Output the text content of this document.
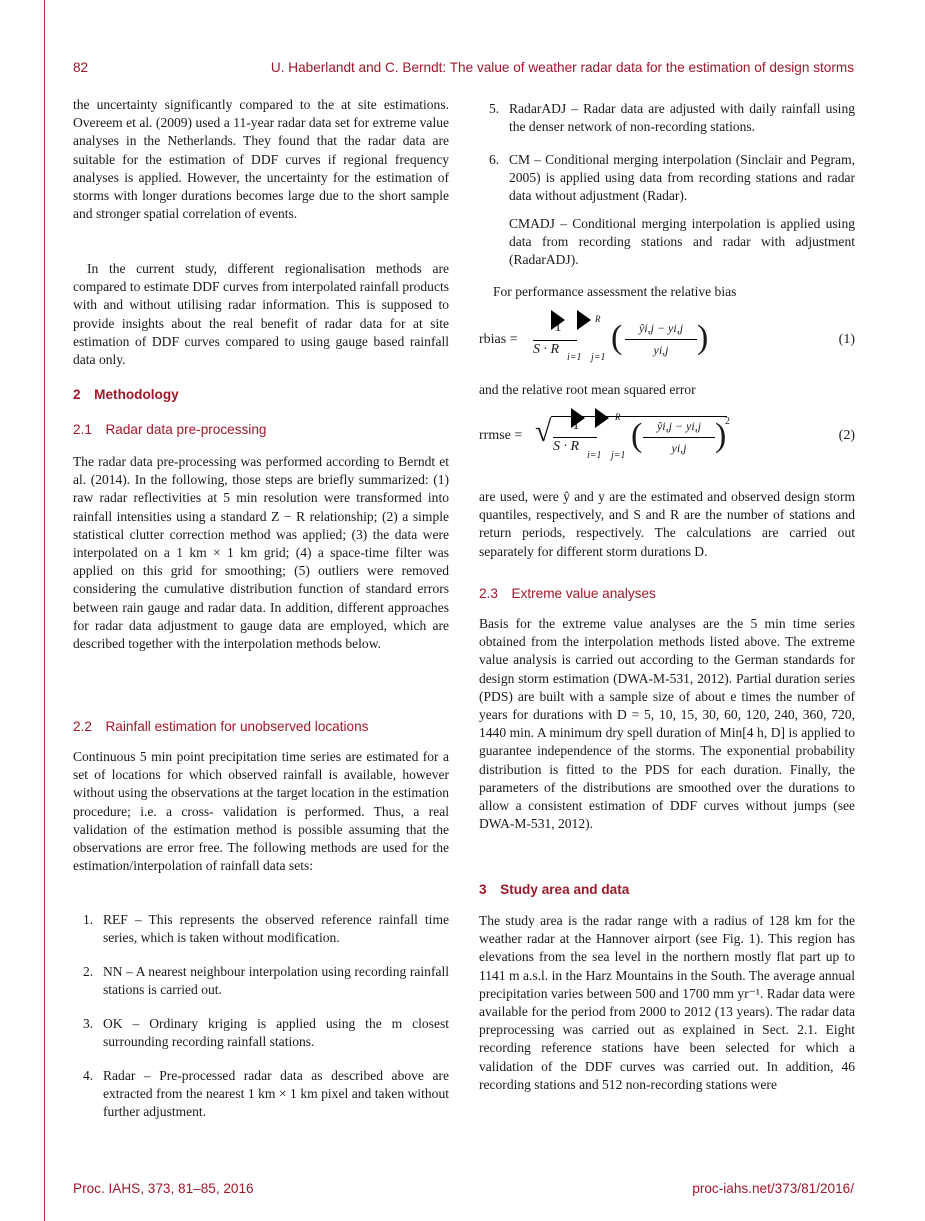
82	U. Haberlandt and C. Berndt: The value of weather radar data for the estimation of design storms
the uncertainty significantly compared to the at site estimations. Overeem et al. (2009) used a 11-year radar data set for extreme value analyses in the Netherlands. They found that the radar data are suitable for the estimation of DDF curves if regional frequency analyses is applied. However, the uncertainty for the estimation of storms with longer durations becomes large due to the short sample and stronger spatial correlation of events.
In the current study, different regionalisation methods are compared to estimate DDF curves from interpolated rainfall products with and without utilising radar information. This is supposed to provide insights about the real benefit of radar data for at site estimation of DDF curves compared to using gauge based rainfall data only.
2 Methodology
2.1 Radar data pre-processing
The radar data pre-processing was performed according to Berndt et al. (2014). In the following, those steps are briefly summarized: (1) raw radar reflectivities at 5 min resolution were transformed into rainfall intensities using a standard Z − R relationship; (2) a simple statistical clutter correction method was applied; (3) the data were interpolated on a 1 km × 1 km grid; (4) a space-time filter was applied on this grid for smoothing; (5) outliers were removed considering the cumulative distribution function of standard errors between rain gauge and radar data. In addition, different approaches for radar data adjustment to gauge data are employed, which are described together with the interpolation methods below.
2.2 Rainfall estimation for unobserved locations
Continuous 5 min point precipitation time series are estimated for a set of locations for which observed rainfall is available, however without using the observations at the target location in the estimation procedure; i.e. a cross- validation is performed. Thus, a real validation of the estimation method is possible assuming that the observations are error free. The following methods are used for the estimation/interpolation of rainfall data sets:
1. REF – This represents the observed reference rainfall time series, which is taken without modification.
2. NN – A nearest neighbour interpolation using recording rainfall stations is carried out.
3. OK – Ordinary kriging is applied using the m closest surrounding recording rainfall stations.
4. Radar – Pre-processed radar data as described above are extracted from the nearest 1 km × 1 km pixel and taken without further adjustment.
5. RadarADJ – Radar data are adjusted with daily rainfall using the denser network of non-recording stations.
6. CM – Conditional merging interpolation (Sinclair and Pegram, 2005) is applied using data from recording stations and radar data without adjustment (Radar).
CMADJ – Conditional merging interpolation is applied using data from recording stations and radar with adjustment (RadarADJ).
For performance assessment the relative bias
rbias =
1
S · R
R
i=1 j=1
(	ŷi,j − yi,j
yi,j )	(1)
and the relative root mean squared error
rrmse = √	1
S · R
R
i=1 j=1
(	ŷi,j − yi,j
yi,j )
2
(2)
are used, were ŷ and y are the estimated and observed design storm quantiles, respectively, and S and R are the number of stations and return periods, respectively. The calculations are carried out separately for different storm durations D.
2.3 Extreme value analyses
Basis for the extreme value analyses are the 5 min time series obtained from the interpolation methods listed above. The extreme value analysis is carried out according to the German standards for design storm estimation (DWA-M-531, 2012). Partial duration series (PDS) are built with a sample size of about e times the number of years for durations with D = 5, 10, 15, 30, 60, 120, 240, 360, 720, 1440 min. A minimum dry spell duration of Min[4 h, D] is applied to guarantee independence of the storms. The exponential probability distribution is fitted to the PDS for each duration. Finally, the parameters of the distributions are smoothed over the durations to allow a consistent estimation of DDF curves without jumps (see DWA-M-531, 2012).
3 Study area and data
The study area is the radar range with a radius of 128 km for the weather radar at the Hannover airport (see Fig. 1). This region has elevations from the sea level in the northern mostly flat part up to 1141 m a.s.l. in the Harz Mountains in the South. The average annual precipitation varies between 500 and 1700 mm yr⁻¹. Radar data were available for the period from 2000 to 2012 (13 years). The radar data preprocessing was carried out as explained in Sect. 2.1. Eight recording reference stations have been selected for which a validation of the DDF curves was carried out. In addition, 46 recording stations and 512 non-recording stations were
Proc. IAHS, 373, 81–85, 2016	proc-iahs.net/373/81/2016/
